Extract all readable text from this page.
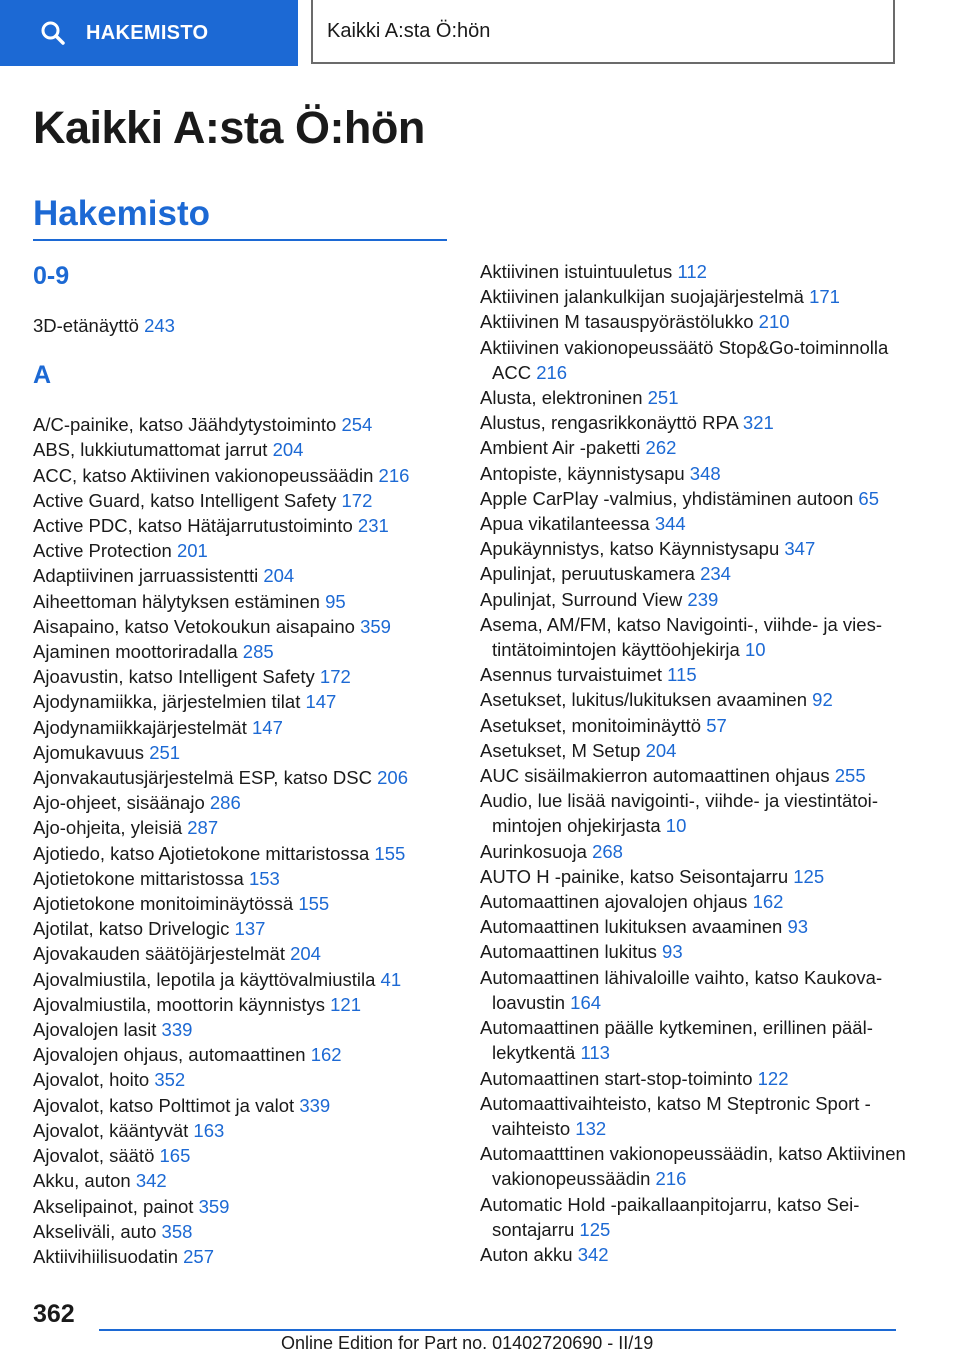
HAKEMISTO	Kaikki A:sta Ö:hön
Kaikki A:sta Ö:hön
Hakemisto
0-9
3D-etänäyttö 243
A
A/C-painike, katso Jäähdytystoiminto 254
ABS, lukkiutumattomat jarrut 204
ACC, katso Aktiivinen vakionopeussäädin 216
Active Guard, katso Intelligent Safety 172
Active PDC, katso Hätäjarrutustoiminto 231
Active Protection 201
Adaptiivinen jarruassistentti 204
Aiheettoman hälytyksen estäminen 95
Aisapaino, katso Vetokoukun aisapaino 359
Ajaminen moottoriradalla 285
Ajoavustin, katso Intelligent Safety 172
Ajodynamiikka, järjestelmien tilat 147
Ajodynamiikkajärjestelmät 147
Ajomukavuus 251
Ajonvakautusjärjestelmä ESP, katso DSC 206
Ajo-ohjeet, sisäänajo 286
Ajo-ohjeita, yleisiä 287
Ajotiedo, katso Ajotietokone mittaristossa 155
Ajotietokone mittaristossa 153
Ajotietokone monitoiminäytössä 155
Ajotilat, katso Drivelogic 137
Ajovakauden säätöjärjestelmät 204
Ajovalmiustila, lepotila ja käyttövalmiustila 41
Ajovalmiustila, moottorin käynnistys 121
Ajovalojen lasit 339
Ajovalojen ohjaus, automaattinen 162
Ajovalot, hoito 352
Ajovalot, katso Polttimot ja valot 339
Ajovalot, kääntyvät 163
Ajovalot, säätö 165
Akku, auton 342
Akselipainot, painot 359
Akseliväli, auto 358
Aktiivihiilisuodatin 257
Aktiivinen istuintuuletus 112
Aktiivinen jalankulkijan suojajärjestelmä 171
Aktiivinen M tasauspyörästölukko 210
Aktiivinen vakionopeussäätö Stop&Go-toiminnolla ACC 216
Alusta, elektroninen 251
Alustus, rengasrikkonäyttö RPA 321
Ambient Air -paketti 262
Antopiste, käynnistysapu 348
Apple CarPlay -valmius, yhdistäminen autoon 65
Apua vikatilanteessa 344
Apukäynnistys, katso Käynnistysapu 347
Apulinjat, peruutuskamera 234
Apulinjat, Surround View 239
Asema, AM/FM, katso Navigointi-, viihde- ja viestintätoimintojen käyttöohjekirja 10
Asennus turvaistuimet 115
Asetukset, lukitus/lukituksen avaaminen 92
Asetukset, monitoiminäyttö 57
Asetukset, M Setup 204
AUC sisäilmakierron automaattinen ohjaus 255
Audio, lue lisää navigointi-, viihde- ja viestintätoimintojen ohjekirjasta 10
Aurinkosuoja 268
AUTO H -painike, katso Seisontajarru 125
Automaattinen ajovalojen ohjaus 162
Automaattinen lukituksen avaaminen 93
Automaattinen lukitus 93
Automaattinen lähivaloille vaihto, katso Kaukovaloavustin 164
Automaattinen päälle kytkeminen, erillinen päällekytkentä 113
Automaattinen start-stop-toiminto 122
Automaattivaihteisto, katso M Steptronic Sport -vaihteisto 132
Automaatttinen vakionopeussäädin, katso Aktiivinen vakionopeussäädin 216
Automatic Hold -paikallaanpitojarru, katso Seisontajarru 125
Auton akku 342
362
Online Edition for Part no. 01402720690 - II/19
